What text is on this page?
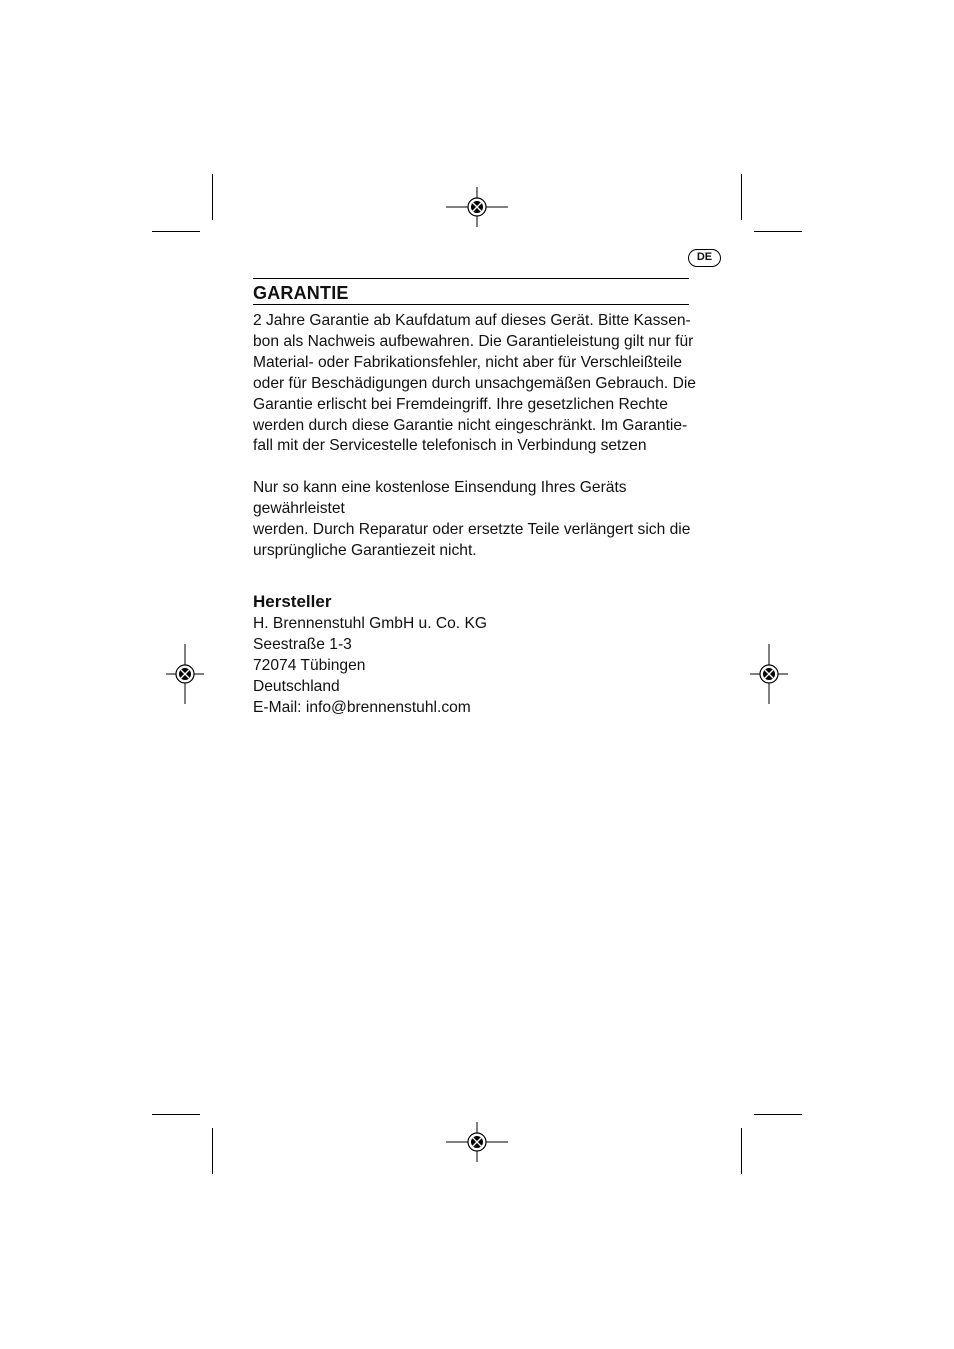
DE
GARANTIE

2 Jahre Garantie ab Kaufdatum auf dieses Gerät. Bitte Kassen-
bon als Nachweis aufbewahren. Die Garantieleistung gilt nur für
Material- oder Fabrikationsfehler, nicht aber für Verschleißteile
oder für Beschädigungen durch unsachgemäßen Gebrauch. Die
Garantie erlischt bei Fremdeingriff. Ihre gesetzlichen Rechte
werden durch diese Garantie nicht eingeschränkt. Im Garantie-
fall mit der Servicestelle telefonisch in Verbindung setzen

Nur so kann eine kostenlose Einsendung Ihres Geräts gewährleistet
werden. Durch Reparatur oder ersetzte Teile verlängert sich die
ursprüngliche Garantiezeit nicht.

Hersteller
H. Brennenstuhl GmbH u. Co. KG
Seestraße 1-3
72074 Tübingen
Deutschland
E-Mail: info@brennenstuhl.com
